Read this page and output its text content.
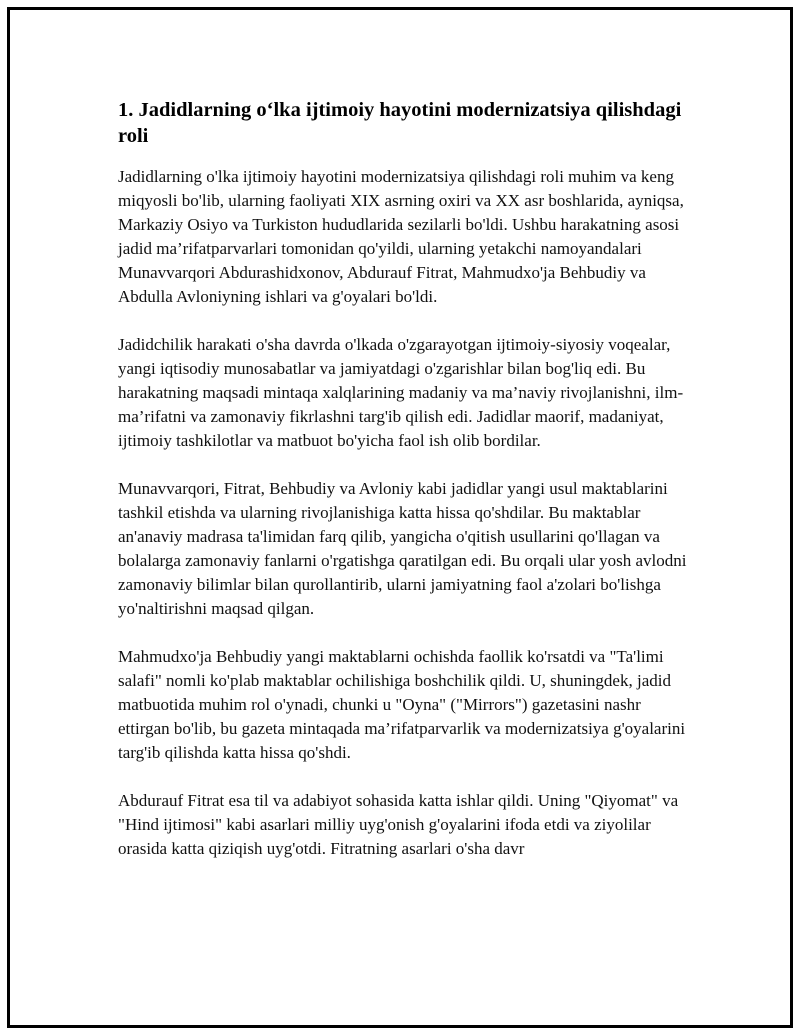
1. Jadidlarning o‘lka ijtimoiy hayotini modernizatsiya qilishdagi roli

Jadidlarning o'lka ijtimoiy hayotini modernizatsiya qilishdagi roli muhim va keng miqyosli bo'lib, ularning faoliyati XIX asrning oxiri va XX asr boshlarida, ayniqsa, Markaziy Osiyo va Turkiston hududlarida sezilarli bo'ldi. Ushbu harakatning asosi jadid ma’rifatparvarlari tomonidan qo'yildi, ularning yetakchi namoyandalari Munavvarqori Abdurashidxonov, Abdurauf Fitrat, Mahmudxo'ja Behbudiy va Abdulla Avloniyning ishlari va g'oyalari bo'ldi.

Jadidchilik harakati o'sha davrda o'lkada o'zgarayotgan ijtimoiy-siyosiy voqealar, yangi iqtisodiy munosabatlar va jamiyatdagi o'zgarishlar bilan bog'liq edi. Bu harakatning maqsadi mintaqa xalqlarining madaniy va ma’naviy rivojlanishni, ilm-ma’rifatni va zamonaviy fikrlashni targ'ib qilish edi. Jadidlar maorif, madaniyat, ijtimoiy tashkilotlar va matbuot bo'yicha faol ish olib bordilar.

Munavvarqori, Fitrat, Behbudiy va Avloniy kabi jadidlar yangi usul maktablarini tashkil etishda va ularning rivojlanishiga katta hissa qo'shdilar. Bu maktablar an'anaviy madrasa ta'limidan farq qilib, yangicha o'qitish usullarini qo'llagan va bolalarga zamonaviy fanlarni o'rgatishga qaratilgan edi. Bu orqali ular yosh avlodni zamonaviy bilimlar bilan qurollantirib, ularni jamiyatning faol a'zolari bo'lishga yo'naltirishni maqsad qilgan.

Mahmudxo'ja Behbudiy yangi maktablarni ochishda faollik ko'rsatdi va "Ta'limi salafi" nomli ko'plab maktablar ochilishiga boshchilik qildi. U, shuningdek, jadid matbuotida muhim rol o'ynadi, chunki u "Oyna" ("Mirrors") gazetasini nashr ettirgan bo'lib, bu gazeta mintaqada ma’rifatparvarlik va modernizatsiya g'oyalarini targ'ib qilishda katta hissa qo'shdi.

Abdurauf Fitrat esa til va adabiyot sohasida katta ishlar qildi. Uning "Qiyomat" va "Hind ijtimosi" kabi asarlari milliy uyg'onish g'oyalarini ifoda etdi va ziyolilar orasida katta qiziqish uyg'otdi. Fitratning asarlari o'sha davr
